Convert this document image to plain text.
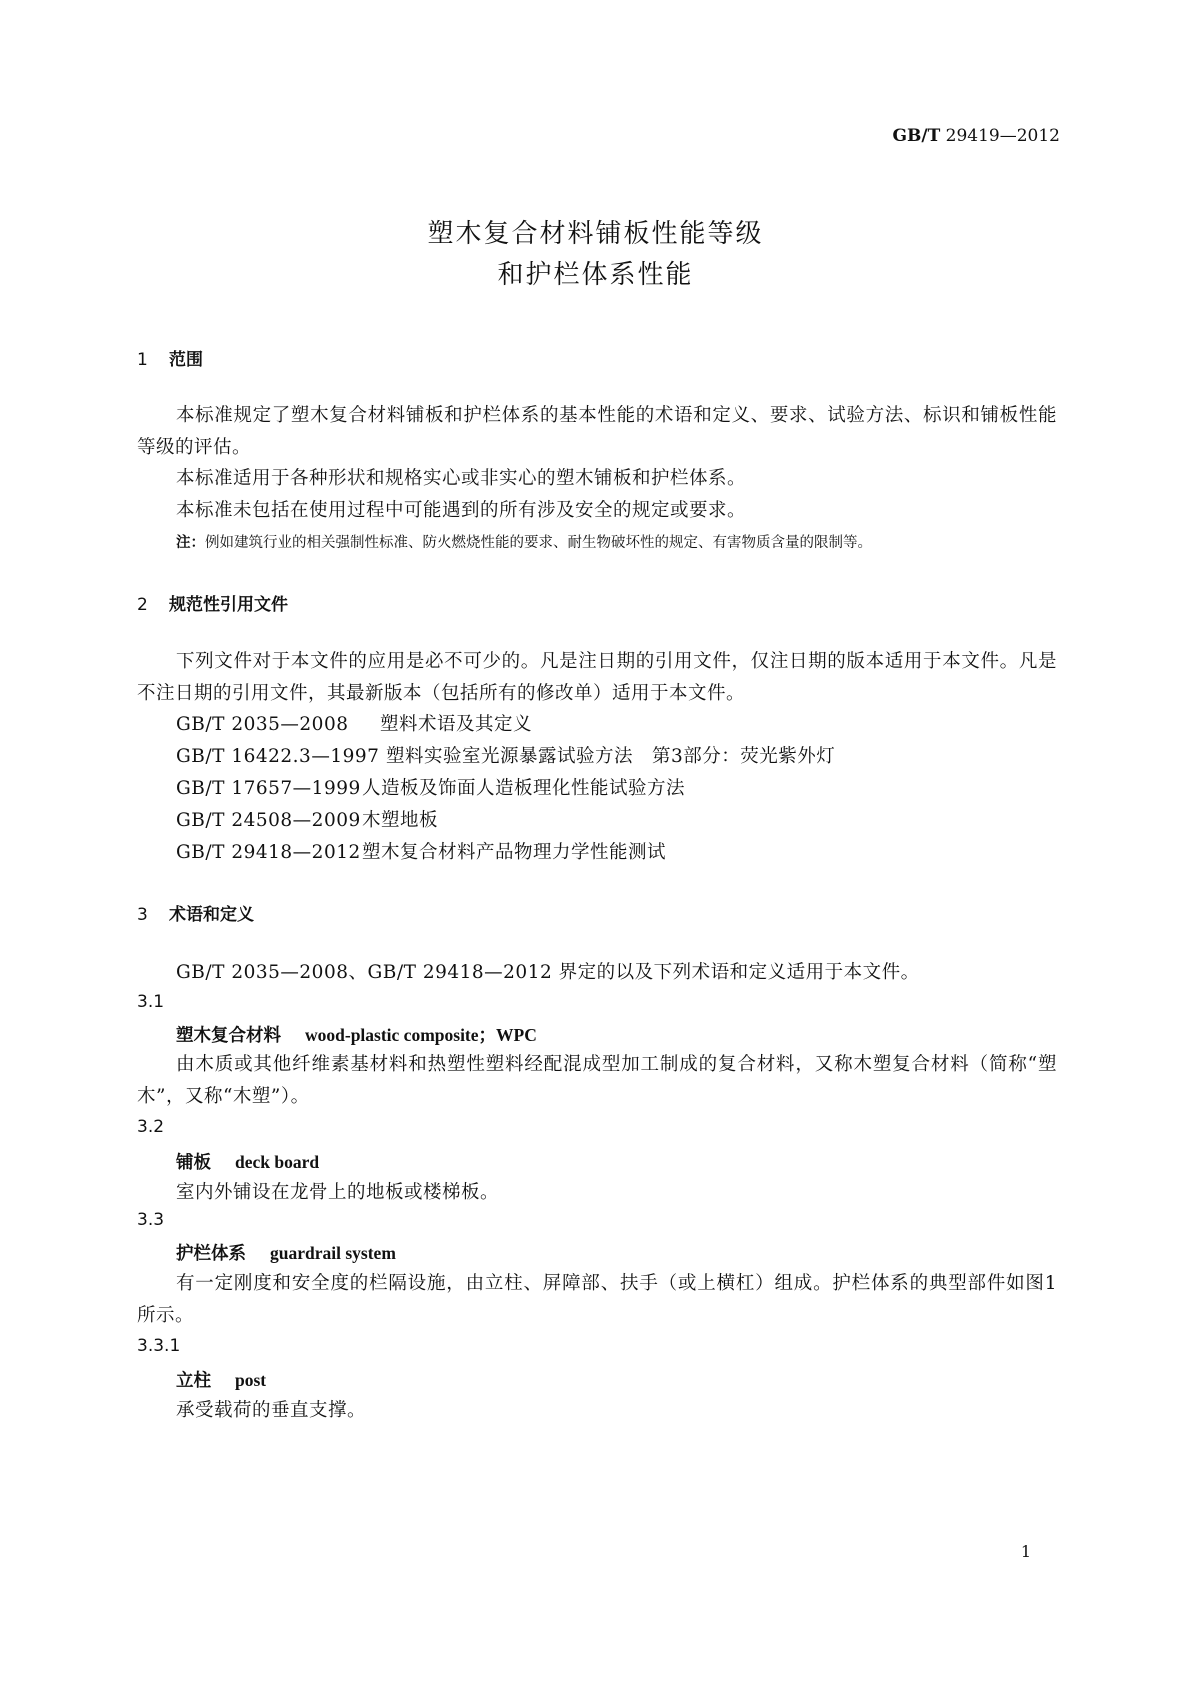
GB/T 29419—2012
塑木复合材料铺板性能等级
和护栏体系性能
1 范围
本标准规定了塑木复合材料铺板和护栏体系的基本性能的术语和定义、要求、试验方法、标识和铺板性能等级的评估。
本标准适用于各种形状和规格实心或非实心的塑木铺板和护栏体系。
本标准未包括在使用过程中可能遇到的所有涉及安全的规定或要求。
注：例如建筑行业的相关强制性标准、防火燃烧性能的要求、耐生物破坏性的规定、有害物质含量的限制等。
2 规范性引用文件
下列文件对于本文件的应用是必不可少的。凡是注日期的引用文件，仅注日期的版本适用于本文件。凡是不注日期的引用文件，其最新版本（包括所有的修改单）适用于本文件。
GB/T 2035—2008 塑料术语及其定义
GB/T 16422.3—1997 塑料实验室光源暴露试验方法　第3部分：荧光紫外灯
GB/T 17657—1999人造板及饰面人造板理化性能试验方法
GB/T 24508—2009木塑地板
GB/T 29418—2012塑木复合材料产品物理力学性能测试
3 术语和定义
GB/T 2035—2008、GB/T 29418—2012 界定的以及下列术语和定义适用于本文件。
3.1
塑木复合材料 wood-plastic composite；WPC
由木质或其他纤维素基材料和热塑性塑料经配混成型加工制成的复合材料，又称木塑复合材料（简称“塑木”，又称“木塑”）。
3.2
铺板 deck board
室内外铺设在龙骨上的地板或楼梯板。
3.3
护栏体系 guardrail system
有一定刚度和安全度的栏隔设施，由立柱、屏障部、扶手（或上横杠）组成。护栏体系的典型部件如图1所示。
3.3.1
立柱 post
承受载荷的垂直支撑。
1
